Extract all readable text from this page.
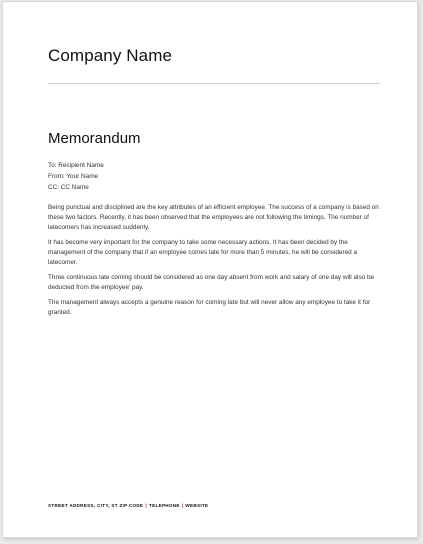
Company Name
Memorandum
To: Recipient Name
From: Your Name
CC: CC Name

Being punctual and disciplined are the key attributes of an efficient employee. The success of a company is based on these two factors. Recently, it has been observed that the employees are not following the timings. The number of latecomers has increased suddenly.

It has become very important for the company to take some necessary actions. It has been decided by the management of the company that if an employee comes late for more than 5 minutes, he will be considered a latecomer.

Three continuous late coming should be considered as one day absent from work and salary of one day will also be deducted from the employee’ pay.

The management always accepts a genuine reason for coming late but will never allow any employee to take it for granted.

STREET ADDRESS, CITY, ST ZIP CODE | TELEPHONE | WEBSITE
